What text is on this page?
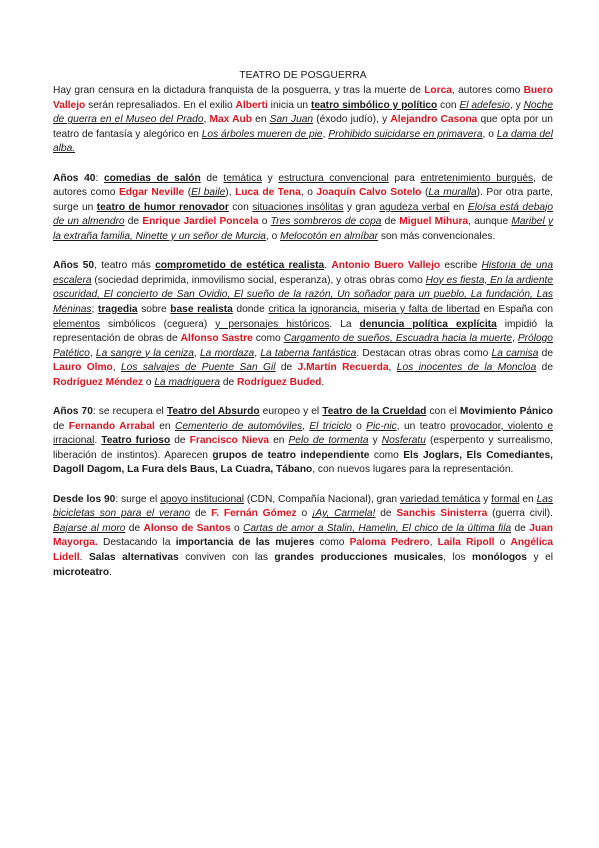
TEATRO DE POSGUERRA
Hay gran censura en la dictadura franquista de la posguerra, y tras la muerte de Lorca, autores como Buero Vallejo serán represaliados. En el exilio Alberti inicia un teatro simbólico y político con El adefesio, y Noche de guerra en el Museo del Prado, Max Aub en San Juan (éxodo judío), y Alejandro Casona que opta por un teatro de fantasía y alegórico en Los árboles mueren de pie, Prohibido suicidarse en primavera, o La dama del alba.
Años 40: comedias de salón de temática y estructura convencional para entretenimiento burgués, de autores como Edgar Neville (El baile), Luca de Tena, o Joaquín Calvo Sotelo (La muralla). Por otra parte, surge un teatro de humor renovador con situaciones insólitas y gran agudeza verbal en Eloísa está debajo de un almendro de Enrique Jardiel Poncela o Tres sombreros de copa de Miguel Mihura, aunque Maribel y la extraña familia, Ninette y un señor de Murcia, o Melocotón en almíbar son más convencionales.
Años 50, teatro más comprometido de estética realista. Antonio Buero Vallejo escribe Historia de una escalera (sociedad deprimida, inmovilismo social, esperanza), y otras obras como Hoy es fiesta, En la ardiente oscuridad, El concierto de San Ovidio, El sueño de la razón, Un soñador para un pueblo, La fundación, Las Meninas; tragedia sobre base realista donde critica la ignorancia, miseria y falta de libertad en España con elementos simbólicos (ceguera) y personajes históricos. La denuncia política explícita impidió la representación de obras de Alfonso Sastre como Cargamento de sueños, Escuadra hacia la muerte, Prólogo Patético, La sangre y la ceniza, La mordaza, La taberna fantástica. Destacan otras obras como La camisa de Lauro Olmo, Los salvajes de Puente San Gil de J.Martín Recuerda, Los inocentes de la Moncloa de Rodríguez Méndez o La madriguera de Rodríguez Buded.
Años 70: se recupera el Teatro del Absurdo europeo y el Teatro de la Crueldad con el Movimiento Pánico de Fernando Arrabal en Cementerio de automóviles, El triciclo o Pic-nic, un teatro provocador, violento e irracional. Teatro furioso de Francisco Nieva en Pelo de tormenta y Nosferatu (esperpento y surrealismo, liberación de instintos). Aparecen grupos de teatro independiente como Els Joglars, Els Comediantes, Dagoll Dagom, La Fura dels Baus, La Cuadra, Tábano, con nuevos lugares para la representación.
Desde los 90: surge el apoyo institucional (CDN, Compañía Nacional), gran variedad temática y formal en Las bicicletas son para el verano de F. Fernán Gómez o ¡Ay, Carmela! de Sanchis Sinisterra (guerra civil). Bajarse al moro de Alonso de Santos o Cartas de amor a Stalin, Hamelin, El chico de la última fila de Juan Mayorga. Destacando la importancia de las mujeres como Paloma Pedrero, Laila Ripoll o Angélica Lidell. Salas alternativas conviven con las grandes producciones musicales, los monólogos y el microteatro.
